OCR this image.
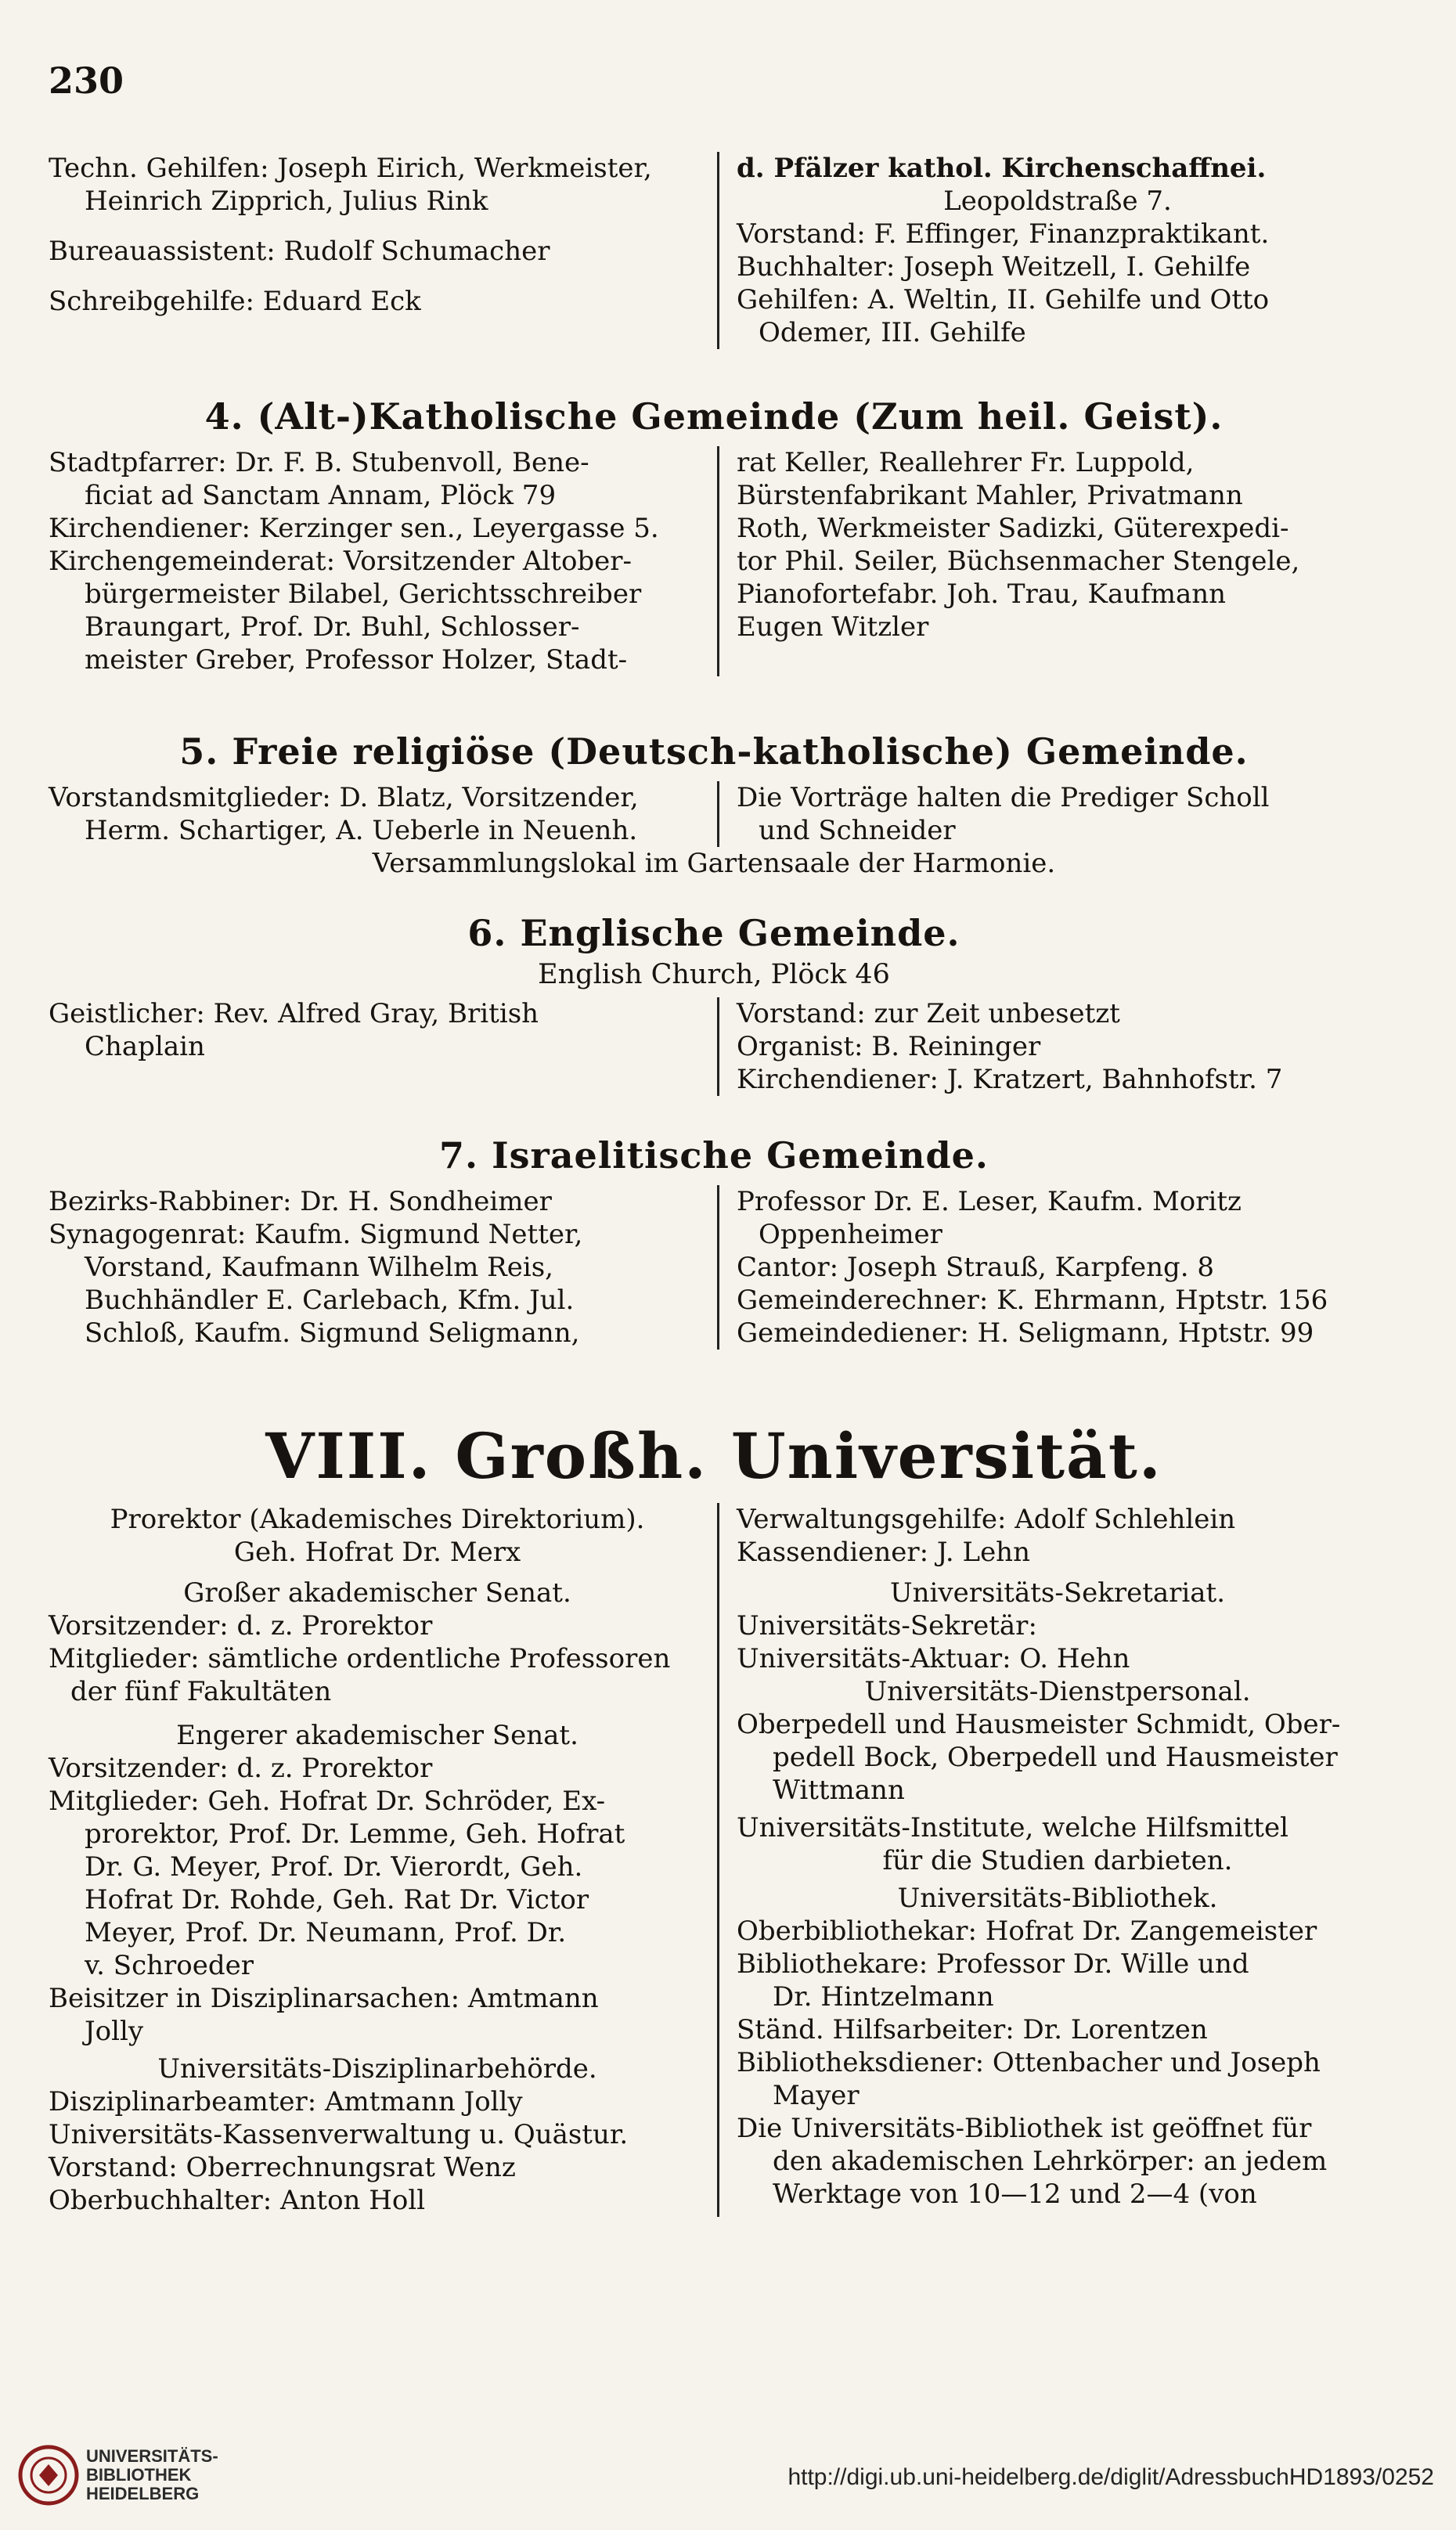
230

Techn. Gehilfen: Joseph Eirich, Werkmeister,

Heinrich Zipprich, Julius Rink

Bureauassistent: Rudolf Schumacher

Schreibgehilfe: Eduard Eck

d. Pfälzer kathol. Kirchenschaffnei.

Leopoldstraße 7.

Vorstand: F. Effinger, Finanzpraktikant.

Buchhalter: Joseph Weitzell, I. Gehilfe

Gehilfen: A. Weltin, II. Gehilfe und Otto

Odemer, III. Gehilfe

4. (Alt-)Katholische Gemeinde (Zum heil. Geist).

Stadtpfarrer: Dr. F. B. Stubenvoll, Bene-

ficiat ad Sanctam Annam, Plöck 79

Kirchendiener: Kerzinger sen., Leyergasse 5.

Kirchengemeinderat: Vorsitzender Altober-

bürgermeister Bilabel, Gerichtsschreiber

Braungart, Prof. Dr. Buhl, Schlosser-

meister Greber, Professor Holzer, Stadt-

rat Keller, Reallehrer Fr. Luppold,

Bürstenfabrikant Mahler, Privatmann

Roth, Werkmeister Sadizki, Güterexpedi-

tor Phil. Seiler, Büchsenmacher Stengele,

Pianofortefabr. Joh. Trau, Kaufmann

Eugen Witzler

5. Freie religiöse (Deutsch-katholische) Gemeinde.

Vorstandsmitglieder: D. Blatz, Vorsitzender,

Herm. Schartiger, A. Ueberle in Neuenh.

Die Vorträge halten die Prediger Scholl

und Schneider

Versammlungslokal im Gartensaale der Harmonie.

6. Englische Gemeinde.
English Church, Plöck 46

Geistlicher: Rev. Alfred Gray, British

Chaplain

Vorstand: zur Zeit unbesetzt

Organist: B. Reininger

Kirchendiener: J. Kratzert, Bahnhofstr. 7

7. Israelitische Gemeinde.

Bezirks-Rabbiner: Dr. H. Sondheimer

Synagogenrat: Kaufm. Sigmund Netter,

Vorstand, Kaufmann Wilhelm Reis,

Buchhändler E. Carlebach, Kfm. Jul.

Schloß, Kaufm. Sigmund Seligmann,

Professor Dr. E. Leser, Kaufm. Moritz

Oppenheimer

Cantor: Joseph Strauß, Karpfeng. 8

Gemeinderechner: K. Ehrmann, Hptstr. 156

Gemeindediener: H. Seligmann, Hptstr. 99

VIII. Großh. Universität.

Prorektor (Akademisches Direktorium).

Geh. Hofrat Dr. Merx

Großer akademischer Senat.

Vorsitzender: d. z. Prorektor

Mitglieder: sämtliche ordentliche Professoren

der fünf Fakultäten

Engerer akademischer Senat.

Vorsitzender: d. z. Prorektor

Mitglieder: Geh. Hofrat Dr. Schröder, Ex-

prorektor, Prof. Dr. Lemme, Geh. Hofrat

Dr. G. Meyer, Prof. Dr. Vierordt, Geh.

Hofrat Dr. Rohde, Geh. Rat Dr. Victor

Meyer, Prof. Dr. Neumann, Prof. Dr.

v. Schroeder

Beisitzer in Disziplinarsachen: Amtmann

Jolly

Universitäts-Disziplinarbehörde.

Disziplinarbeamter: Amtmann Jolly

Universitäts-Kassenverwaltung u. Quästur.

Vorstand: Oberrechnungsrat Wenz

Oberbuchhalter: Anton Holl

Verwaltungsgehilfe: Adolf Schlehlein

Kassendiener: J. Lehn

Universitäts-Sekretariat.

Universitäts-Sekretär:

Universitäts-Aktuar: O. Hehn

Universitäts-Dienstpersonal.

Oberpedell und Hausmeister Schmidt, Ober-

pedell Bock, Oberpedell und Hausmeister

Wittmann

Universitäts-Institute, welche Hilfsmittel

für die Studien darbieten.

Universitäts-Bibliothek.

Oberbibliothekar: Hofrat Dr. Zangemeister

Bibliothekare: Professor Dr. Wille und

Dr. Hintzelmann

Ständ. Hilfsarbeiter: Dr. Lorentzen

Bibliotheksdiener: Ottenbacher und Joseph

Mayer

Die Universitäts-Bibliothek ist geöffnet für

den akademischen Lehrkörper: an jedem

Werktage von 10—12 und 2—4 (von

UNIVERSITÄTS-
BIBLIOTHEK
HEIDELBERG
http://digi.ub.uni-heidelberg.de/diglit/AdressbuchHD1893/0252
